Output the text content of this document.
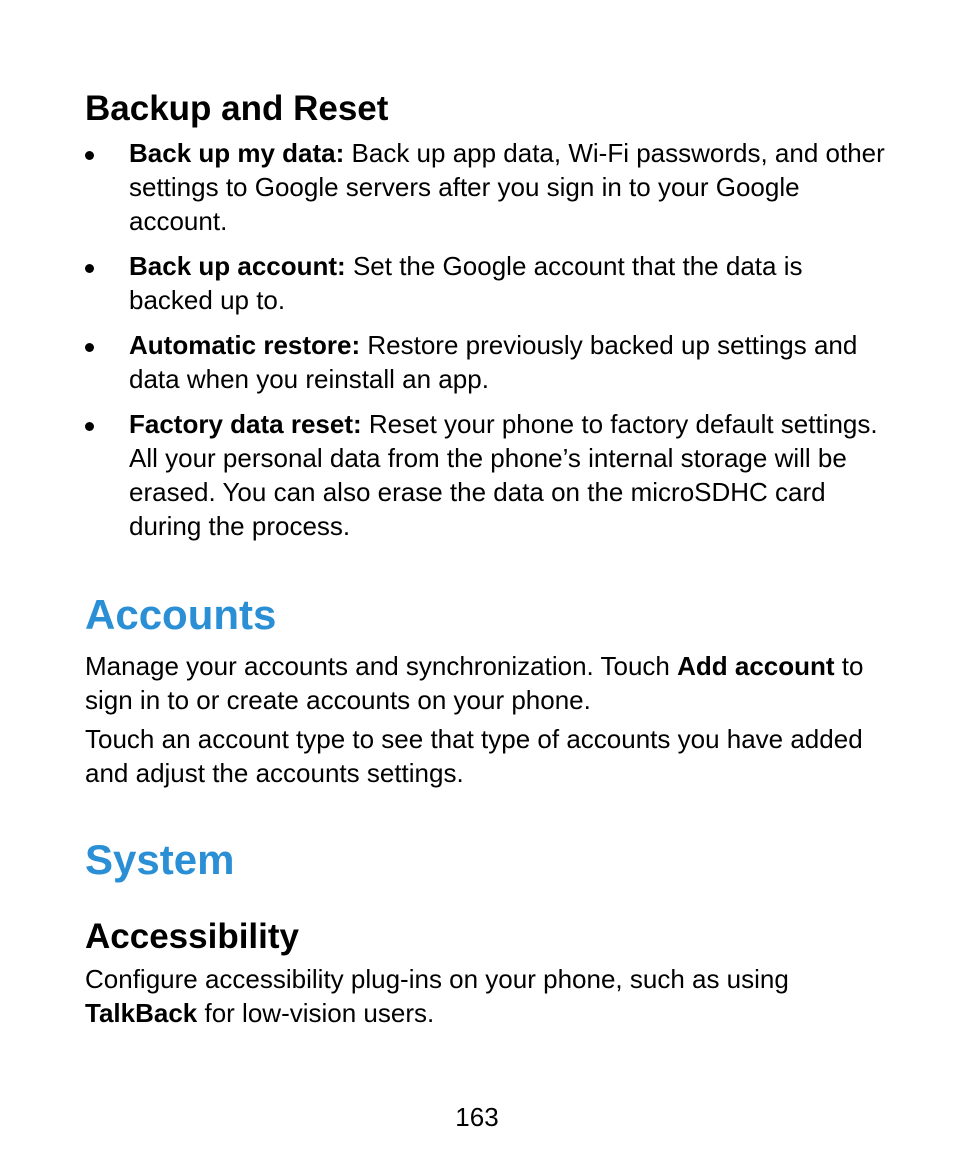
Backup and Reset
Back up my data: Back up app data, Wi-Fi passwords, and other settings to Google servers after you sign in to your Google account.
Back up account: Set the Google account that the data is backed up to.
Automatic restore: Restore previously backed up settings and data when you reinstall an app.
Factory data reset: Reset your phone to factory default settings. All your personal data from the phone’s internal storage will be erased. You can also erase the data on the microSDHC card during the process.
Accounts

Manage your accounts and synchronization. Touch Add account to sign in to or create accounts on your phone.

Touch an account type to see that type of accounts you have added and adjust the accounts settings.

System
Accessibility

Configure accessibility plug-ins on your phone, such as using TalkBack for low-vision users.

163
